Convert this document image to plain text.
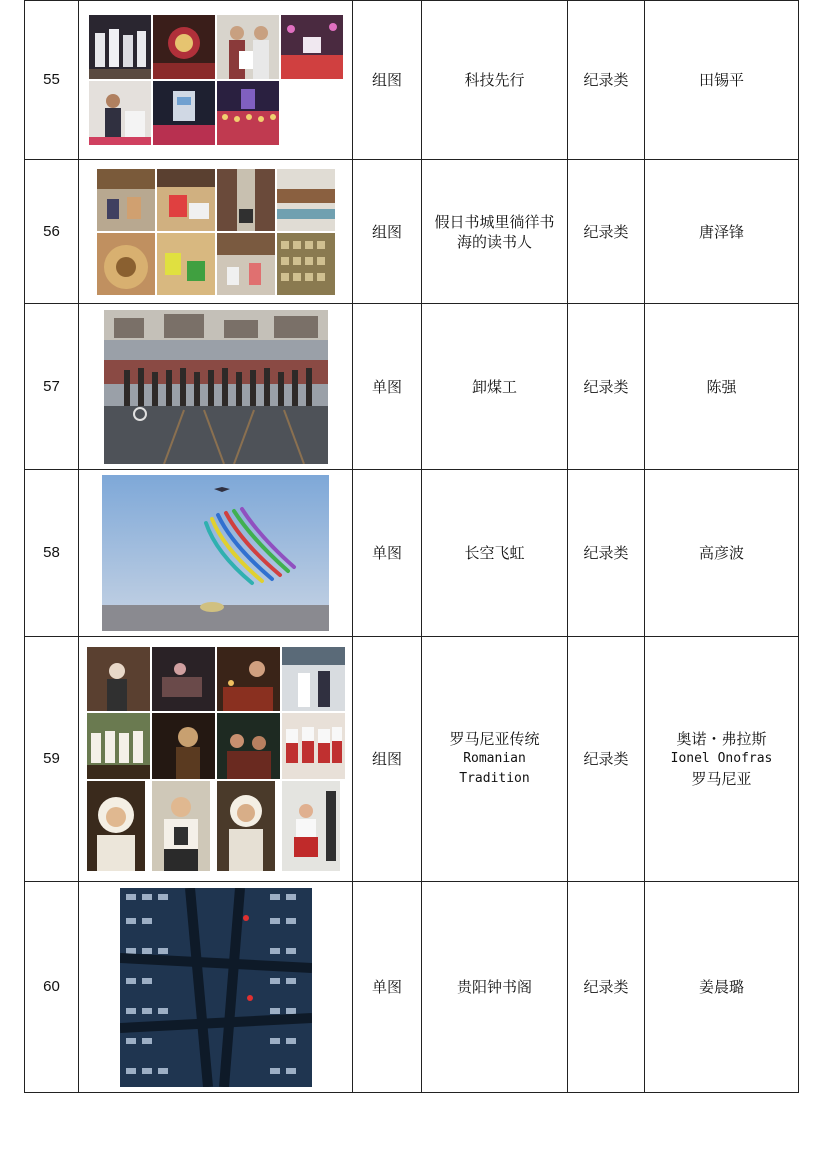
55		组图	科技先行	纪录类	田锡平

56		组图	假日书城里徜徉书
海的读书人	纪录类	唐泽锋

57		单图	卸煤工	纪录类	陈强

58		单图	长空飞虹	纪录类	高彦波

59		组图	罗马尼亚传统
Romanian
Tradition	纪录类	奥诺・弗拉斯
Ionel Onofras
罗马尼亚

60		单图	贵阳钟书阁	纪录类	姜晨璐
